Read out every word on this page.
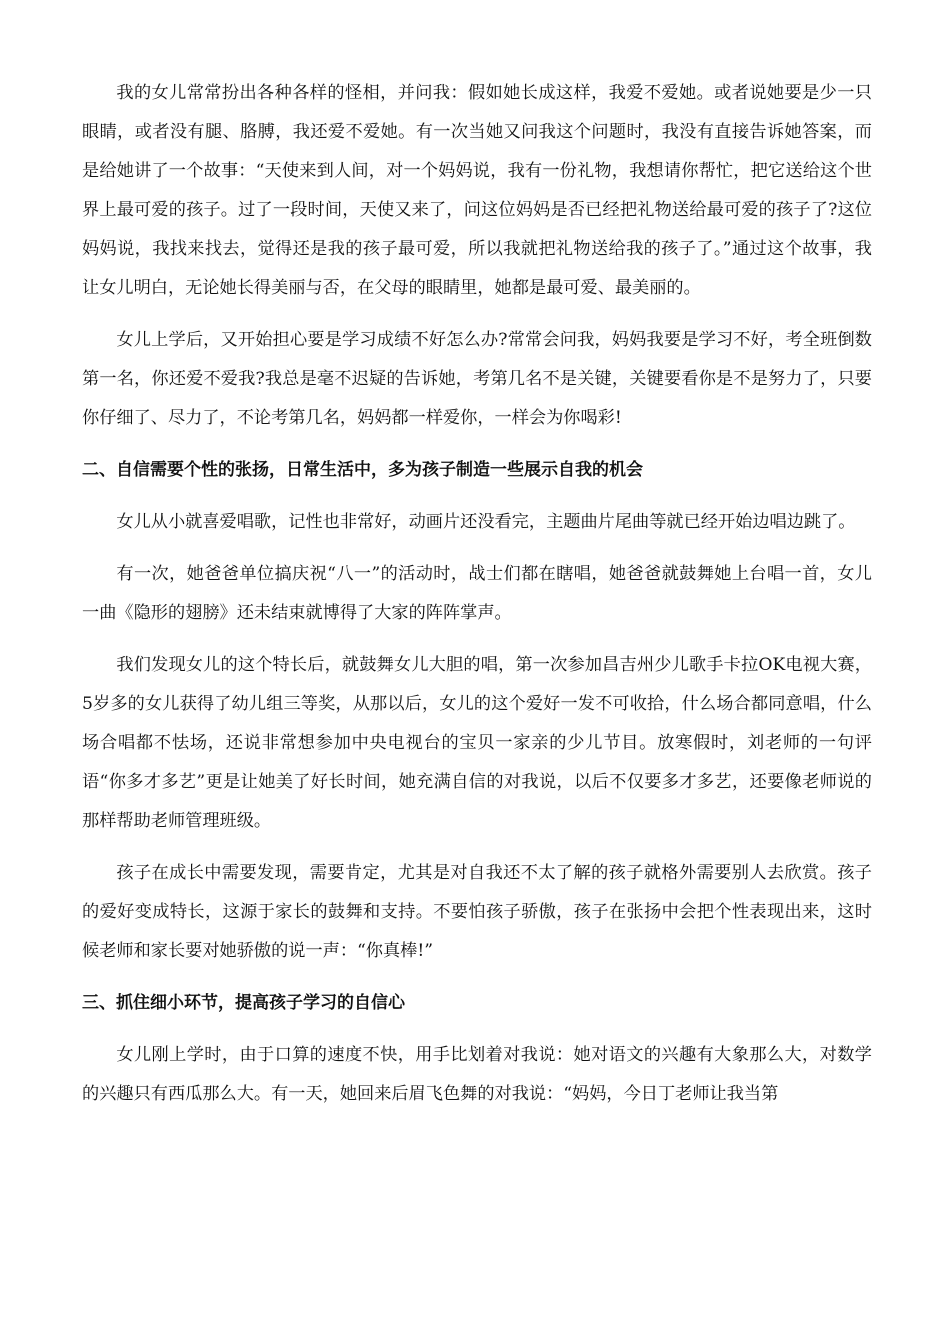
我的女儿常常扮出各种各样的怪相，并问我：假如她长成这样，我爱不爱她。或者说她要是少一只眼睛，或者没有腿、胳膊，我还爱不爱她。有一次当她又问我这个问题时，我没有直接告诉她答案，而是给她讲了一个故事：“天使来到人间，对一个妈妈说，我有一份礼物，我想请你帮忙，把它送给这个世界上最可爱的孩子。过了一段时间，天使又来了，问这位妈妈是否已经把礼物送给最可爱的孩子了?这位妈妈说，我找来找去，觉得还是我的孩子最可爱，所以我就把礼物送给我的孩子了。”通过这个故事，我让女儿明白，无论她长得美丽与否，在父母的眼睛里，她都是最可爱、最美丽的。

女儿上学后，又开始担心要是学习成绩不好怎么办?常常会问我，妈妈我要是学习不好，考全班倒数第一名，你还爱不爱我?我总是毫不迟疑的告诉她，考第几名不是关键，关键要看你是不是努力了，只要你仔细了、尽力了，不论考第几名，妈妈都一样爱你，一样会为你喝彩!

二、自信需要个性的张扬，日常生活中，多为孩子制造一些展示自我的机会

女儿从小就喜爱唱歌，记性也非常好，动画片还没看完，主题曲片尾曲等就已经开始边唱边跳了。

有一次，她爸爸单位搞庆祝“八一”的活动时，战士们都在瞎唱，她爸爸就鼓舞她上台唱一首，女儿一曲《隐形的翅膀》还未结束就博得了大家的阵阵掌声。

我们发现女儿的这个特长后，就鼓舞女儿大胆的唱，第一次参加昌吉州少儿歌手卡拉OK电视大赛，5岁多的女儿获得了幼儿组三等奖，从那以后，女儿的这个爱好一发不可收拾，什么场合都同意唱，什么场合唱都不怯场，还说非常想参加中央电视台的宝贝一家亲的少儿节目。放寒假时，刘老师的一句评语“你多才多艺”更是让她美了好长时间，她充满自信的对我说，以后不仅要多才多艺，还要像老师说的那样帮助老师管理班级。

孩子在成长中需要发现，需要肯定，尤其是对自我还不太了解的孩子就格外需要别人去欣赏。孩子的爱好变成特长，这源于家长的鼓舞和支持。不要怕孩子骄傲，孩子在张扬中会把个性表现出来，这时候老师和家长要对她骄傲的说一声：“你真棒!”

三、抓住细小环节，提高孩子学习的自信心

女儿刚上学时，由于口算的速度不快，用手比划着对我说：她对语文的兴趣有大象那么大，对数学的兴趣只有西瓜那么大。有一天，她回来后眉飞色舞的对我说：“妈妈，今日丁老师让我当第
